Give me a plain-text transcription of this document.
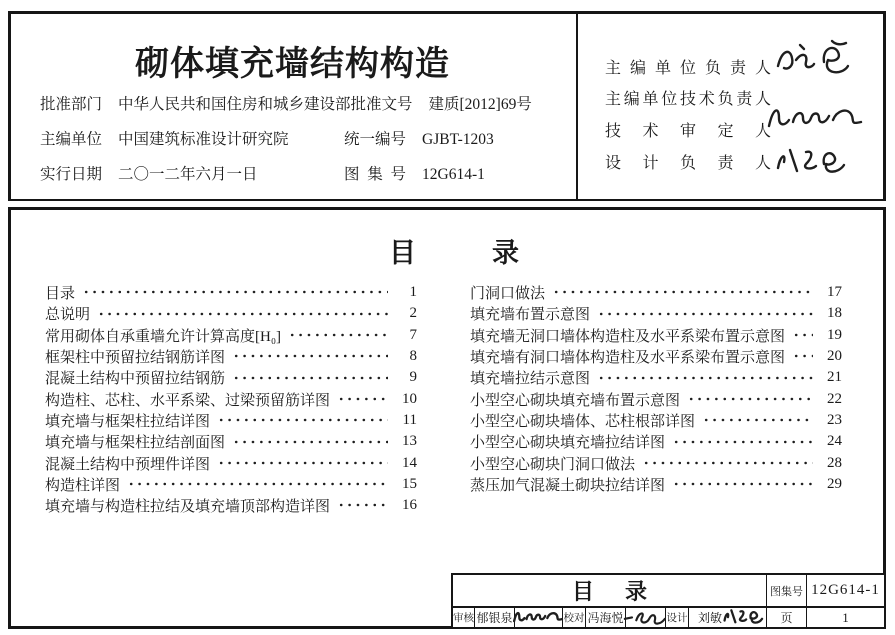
砌体填充墙结构构造
批准部门	中华人民共和国住房和城乡建设部 批准文号	建质[2012]69号
主编单位	中国建筑标准设计研究院	统一编号	GJBT-1203
实行日期	二〇一二年六月一日	图集号	12G614-1
主编单位负责人
主编单位技术负责人
技术审定人
设计负责人
目录
目录	1
总说明	2
常用砌体自承重墙允许计算高度[H₀]	7
框架柱中预留拉结钢筋详图	8
混凝土结构中预留拉结钢筋	9
构造柱、芯柱、水平系梁、过梁预留筋详图	10
填充墙与框架柱拉结详图	11
填充墙与框架柱拉结剖面图	13
混凝土结构中预埋件详图	14
构造柱详图	15
填充墙与构造柱拉结及填充墙顶部构造详图	16
门洞口做法	17
填充墙布置示意图	18
填充墙无洞口墙体构造柱及水平系梁布置示意图	19
填充墙有洞口墙体构造柱及水平系梁布置示意图	20
填充墙拉结示意图	21
小型空心砌块填充墙布置示意图	22
小型空心砌块墙体、芯柱根部详图	23
小型空心砌块填充墙拉结详图	24
小型空心砌块门洞口做法	28
蒸压加气混凝土砌块拉结详图	29
目录	图集号 12G614-1
审核 郁银泉	校对 冯海悦	设计 刘敏	页	1
